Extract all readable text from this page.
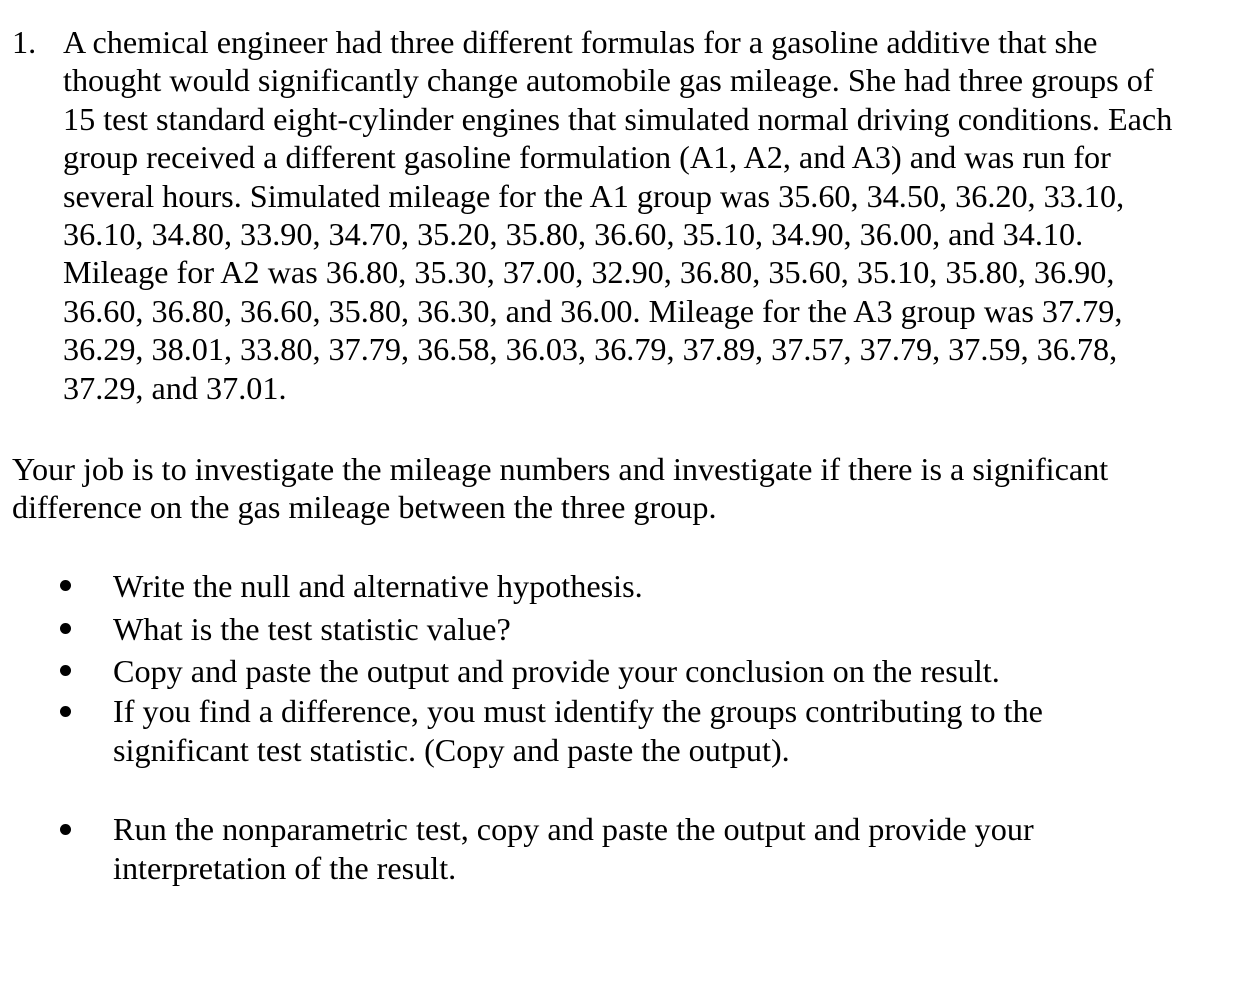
1. A chemical engineer had three different formulas for a gasoline additive that she
thought would significantly change automobile gas mileage. She had three groups of
15 test standard eight-cylinder engines that simulated normal driving conditions. Each
group received a different gasoline formulation (A1, A2, and A3) and was run for
several hours. Simulated mileage for the A1 group was 35.60, 34.50, 36.20, 33.10,
36.10, 34.80, 33.90, 34.70, 35.20, 35.80, 36.60, 35.10, 34.90, 36.00, and 34.10.
Mileage for A2 was 36.80, 35.30, 37.00, 32.90, 36.80, 35.60, 35.10, 35.80, 36.90,
36.60, 36.80, 36.60, 35.80, 36.30, and 36.00. Mileage for the A3 group was 37.79,
36.29, 38.01, 33.80, 37.79, 36.58, 36.03, 36.79, 37.89, 37.57, 37.79, 37.59, 36.78,
37.29, and 37.01.
Your job is to investigate the mileage numbers and investigate if there is a significant
difference on the gas mileage between the three group.
Write the null and alternative hypothesis.
What is the test statistic value?
Copy and paste the output and provide your conclusion on the result.
If you find a difference, you must identify the groups contributing to the
significant test statistic. (Copy and paste the output).
Run the nonparametric test, copy and paste the output and provide your
interpretation of the result.
